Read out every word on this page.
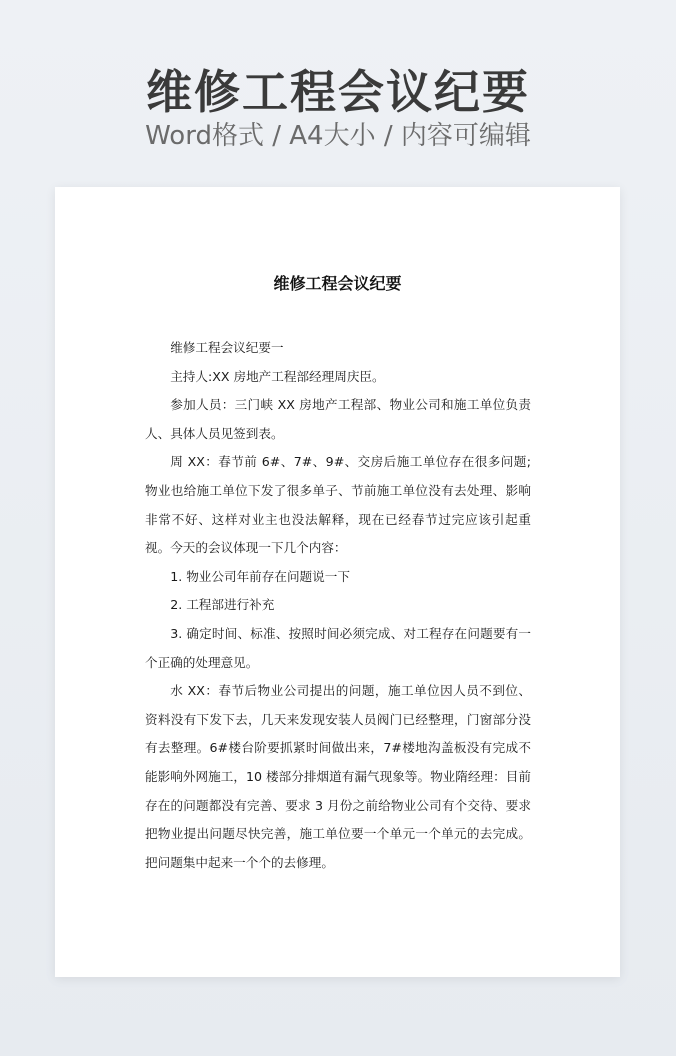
维修工程会议纪要
Word格式 / A4大小 / 内容可编辑
维修工程会议纪要

维修工程会议纪要一

主持人:XX 房地产工程部经理周庆臣。

参加人员：三门峡 XX 房地产工程部、物业公司和施工单位负责人、具体人员见签到表。

周 XX：春节前 6#、7#、9#、交房后施工单位存在很多问题;物业也给施工单位下发了很多单子、节前施工单位没有去处理、影响非常不好、这样对业主也没法解释，现在已经春节过完应该引起重视。今天的会议体现一下几个内容：

1. 物业公司年前存在问题说一下

2. 工程部进行补充

3. 确定时间、标准、按照时间必须完成、对工程存在问题要有一个正确的处理意见。

水 XX：春节后物业公司提出的问题，施工单位因人员不到位、资料没有下发下去，几天来发现安装人员阀门已经整理，门窗部分没有去整理。6#楼台阶要抓紧时间做出来，7#楼地沟盖板没有完成不能影响外网施工，10 楼部分排烟道有漏气现象等。物业隋经理：目前存在的问题都没有完善、要求 3 月份之前给物业公司有个交待、要求把物业提出问题尽快完善，施工单位要一个单元一个单元的去完成。把问题集中起来一个个的去修理。
